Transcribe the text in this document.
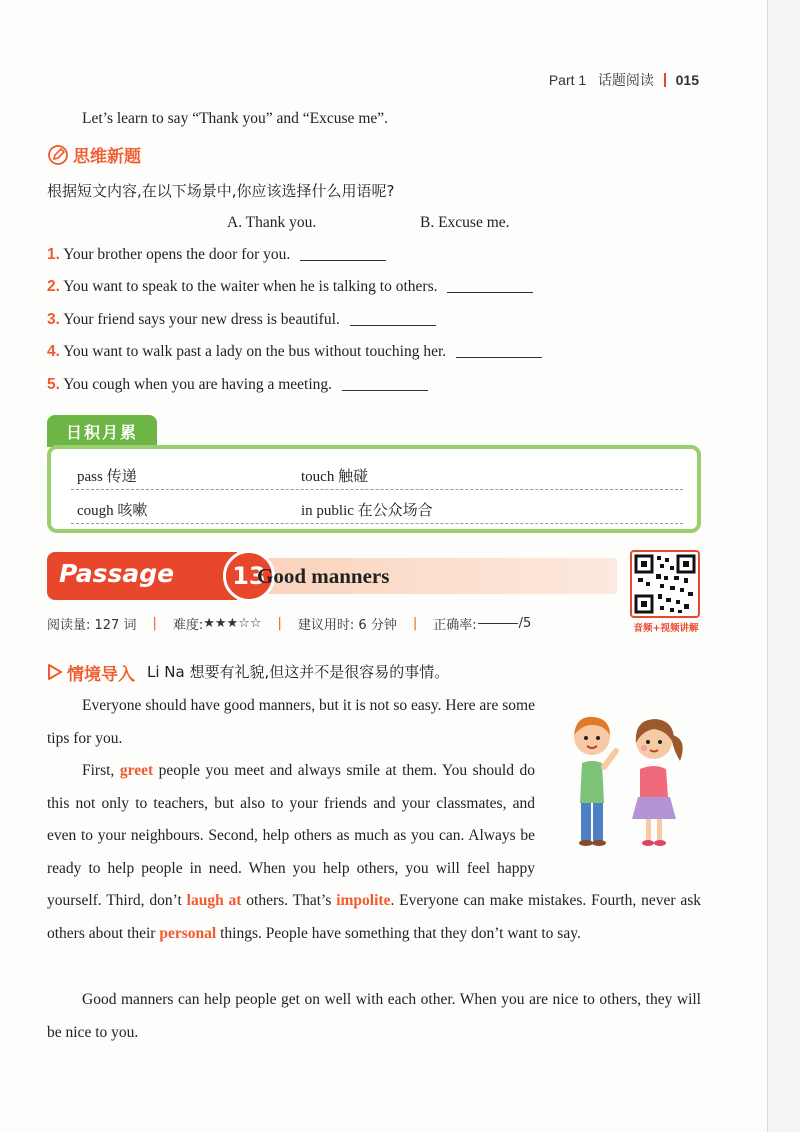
Part 1 话题阅读 015
Let’s learn to say “Thank you” and “Excuse me”.
思维新题
根据短文内容,在以下场景中,你应该选择什么用语呢?
A. Thank you.	B. Excuse me.
1. Your brother opens the door for you.
2. You want to speak to the waiter when he is talking to others.
3. Your friend says your new dress is beautiful.
4. You want to walk past a lady on the bus without touching her.
5. You cough when you are having a meeting.
日积月累
pass 传递	touch 触碰
cough 咳嗽	in public 在公众场合
Passage	13
Good manners
音频+视频讲解
阅读量: 127 词 | 难度: ★★★☆☆ | 建议用时: 6 分钟 | 正确率:	/5
情境导入 Li Na 想要有礼貌,但这并不是很容易的事情。
Everyone should have good manners, but it is not so easy. Here are some tips for you.

First, greet people you meet and always smile at them. You should do this not only to teachers, but also to your friends and your classmates, and even to your neighbours. Second, help others as much as you can. Always be ready to help people in need. When you help others, you will feel happy yourself. Third, don’t laugh at others. That’s impolite. Everyone can make mistakes. Fourth, never ask others about their personal things. People have something that they don’t want to say.

Good manners can help people get on well with each other. When you are nice to others, they will be nice to you.
